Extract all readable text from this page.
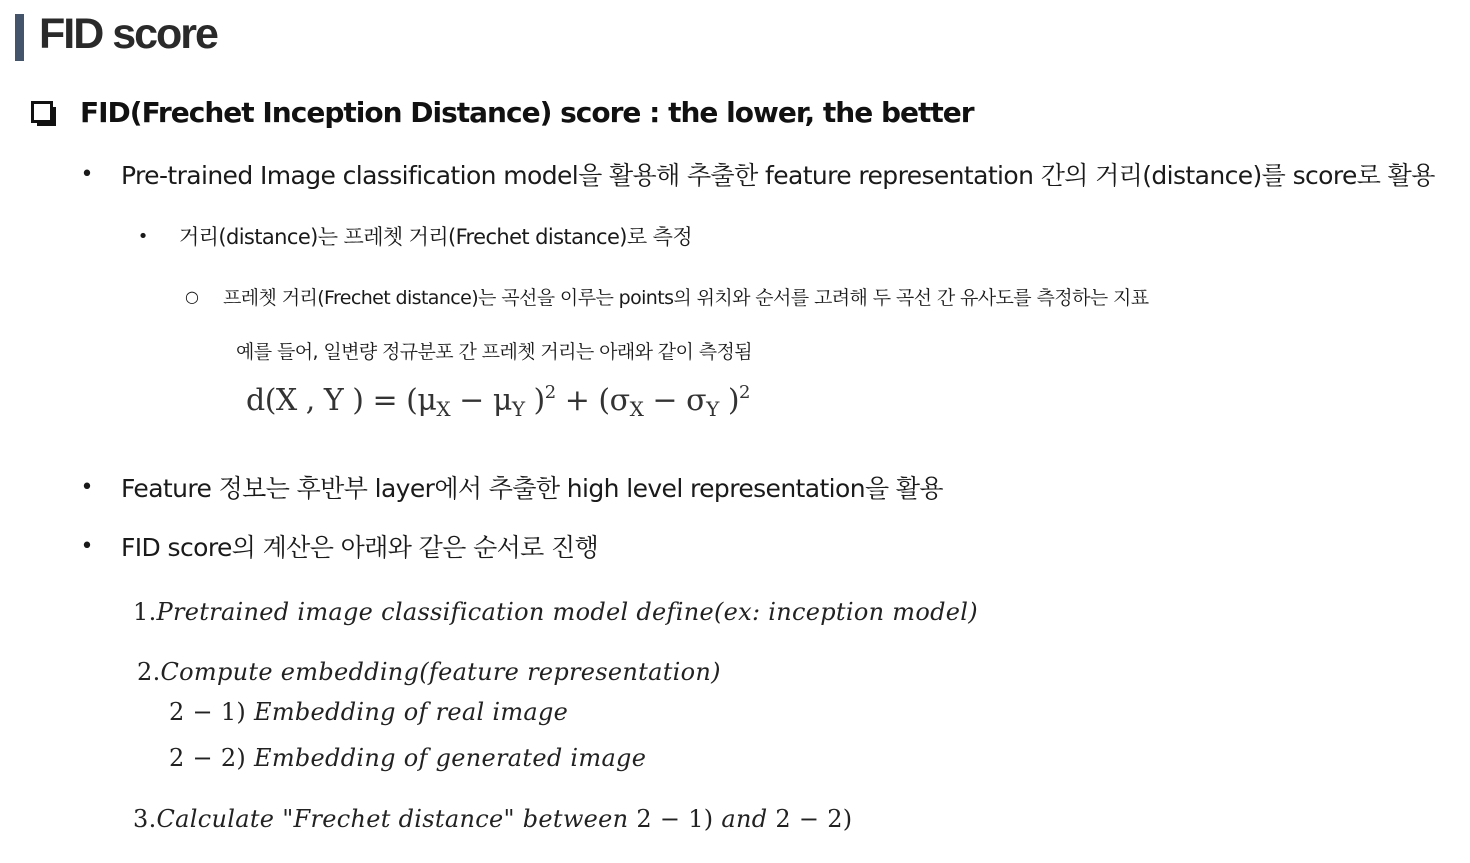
FID score
FID(Frechet Inception Distance) score : the lower, the better
• Pre-trained Image classification model을 활용해 추출한 feature representation 간의 거리(distance)를 score로 활용
• 거리(distance)는 프레쳇 거리(Frechet distance)로 측정
○ 프레쳇 거리(Frechet distance)는 곡선을 이루는 points의 위치와 순서를 고려해 두 곡선 간 유사도를 측정하는 지표
예를 들어, 일변량 정규분포 간 프레쳇 거리는 아래와 같이 측정됨
d(X , Y ) = ($\mu_X - \mu_Y$ )$^2 + (\sigma_X - \sigma_Y$ )$^2$
• Feature 정보는 후반부 layer에서 추출한 high level representation을 활용
• FID score의 계산은 아래와 같은 순서로 진행
1.Pretrained image classification model define(ex: inception model)
2.Compute embedding(feature representation)
2 − 1) Embedding of real image
2 − 2) Embedding of generated image
3.Calculate "Frechet distance" between 2 − 1) and 2 − 2)
